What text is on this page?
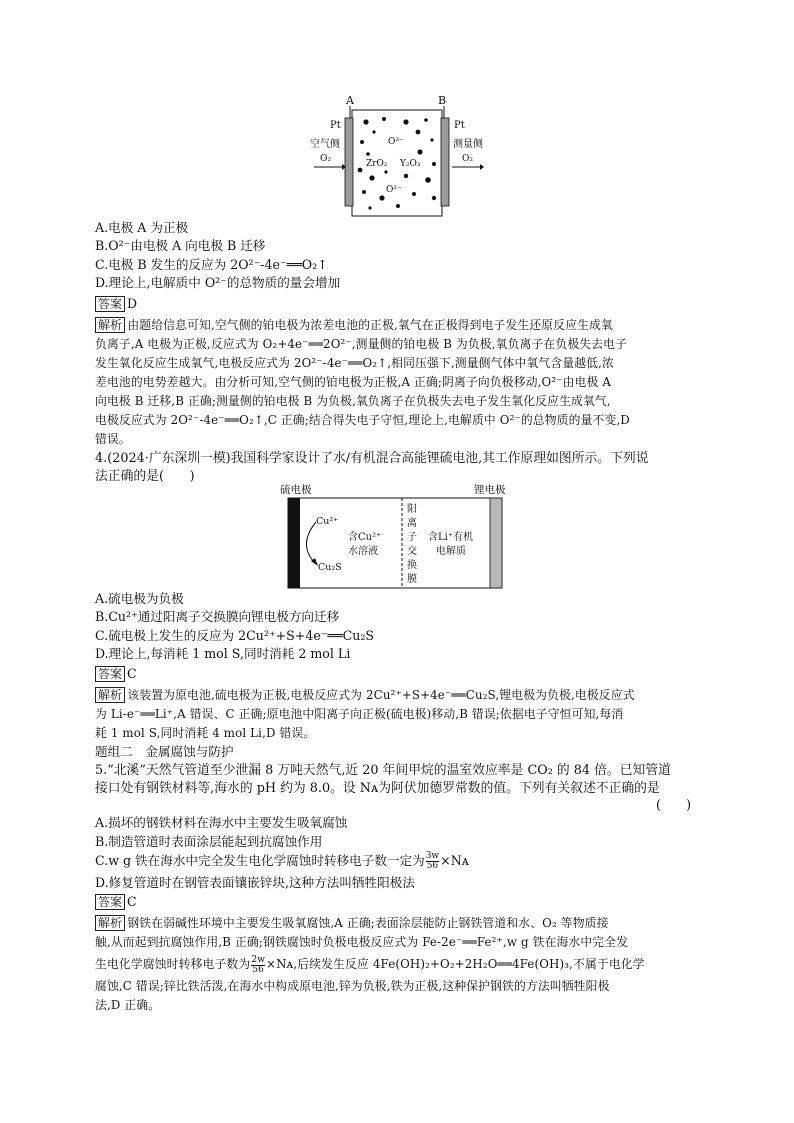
A	B
Pt	Pt
空气侧	测量侧
O₂	O₂
O²⁻
ZrO₂ Y₂O₃
O²⁻
A.电极 A 为正极
B.O²⁻由电极 A 向电极 B 迁移
C.电极 B 发生的反应为 2O²⁻-4e⁻══O₂↑
D.理论上,电解质中 O²⁻的总物质的量会增加
答案 D
解析 由题给信息可知,空气侧的铂电极为浓差电池的正极,氧气在正极得到电子发生还原反应生成氧
负离子,A 电极为正极,反应式为 O₂+4e⁻══2O²⁻,测量侧的铂电极 B 为负极,氧负离子在负极失去电子
发生氧化反应生成氧气,电极反应式为 2O²⁻-4e⁻══O₂↑,相同压强下,测量侧气体中氧气含量越低,浓
差电池的电势差越大。由分析可知,空气侧的铂电极为正极,A 正确;阴离子向负极移动,O²⁻由电极 A
向电极 B 迁移,B 正确;测量侧的铂电极 B 为负极,氧负离子在负极失去电子发生氧化反应生成氧气,
电极反应式为 2O²⁻-4e⁻══O₂↑,C 正确;结合得失电子守恒,理论上,电解质中 O²⁻的总物质的量不变,D
错误。
4.(2024·广东深圳一模)我国科学家设计了水/有机混合高能锂硫电池,其工作原理如图所示。下列说
法正确的是(　　)
硫电极	锂电极
Cu²⁺
Cu₂S
含Cu²⁺
水溶液
阳
离
子
交
换
膜
含Li⁺有机
电解质
A.硫电极为负极
B.Cu²⁺通过阳离子交换膜向锂电极方向迁移
C.硫电极上发生的反应为 2Cu²⁺+S+4e⁻══Cu₂S
D.理论上,每消耗 1 mol S,同时消耗 2 mol Li
答案 C
解析 该装置为原电池,硫电极为正极,电极反应式为 2Cu²⁺+S+4e⁻══Cu₂S,锂电极为负极,电极反应式
为 Li-e⁻══Li⁺,A 错误、C 正确;原电池中阳离子向正极(硫电极)移动,B 错误;依据电子守恒可知,每消
耗 1 mol S,同时消耗 4 mol Li,D 错误。
题组二　金属腐蚀与防护
5.“北溪”天然气管道至少泄漏 8 万吨天然气,近 20 年间甲烷的温室效应率是 CO₂ 的 84 倍。已知管道
接口处有钢铁材料等,海水的 pH 约为 8.0。设 Nᴀ为阿伏加德罗常数的值。下列有关叙述不正确的是
(　　)
A.损坏的钢铁材料在海水中主要发生吸氧腐蚀
B.制造管道时表面涂层能起到抗腐蚀作用
C.w g 铁在海水中完全发生电化学腐蚀时转移电子数一定为 $\frac{3w}{56}$ ×Nᴀ
D.修复管道时在钢管表面镶嵌锌块,这种方法叫牺牲阳极法
答案 C
解析 钢铁在弱碱性环境中主要发生吸氧腐蚀,A 正确;表面涂层能防止钢铁管道和水、O₂ 等物质接
触,从而起到抗腐蚀作用,B 正确;钢铁腐蚀时负极电极反应式为 Fe-2e⁻══Fe²⁺,w g 铁在海水中完全发
生电化学腐蚀时转移电子数为 $\frac{2w}{56}$ ×Nᴀ,后续发生反应 4Fe(OH)₂+O₂+2H₂O══4Fe(OH)₃,不属于电化学
腐蚀,C 错误;锌比铁活泼,在海水中构成原电池,锌为负极,铁为正极,这种保护钢铁的方法叫牺牲阳极
法,D 正确。
